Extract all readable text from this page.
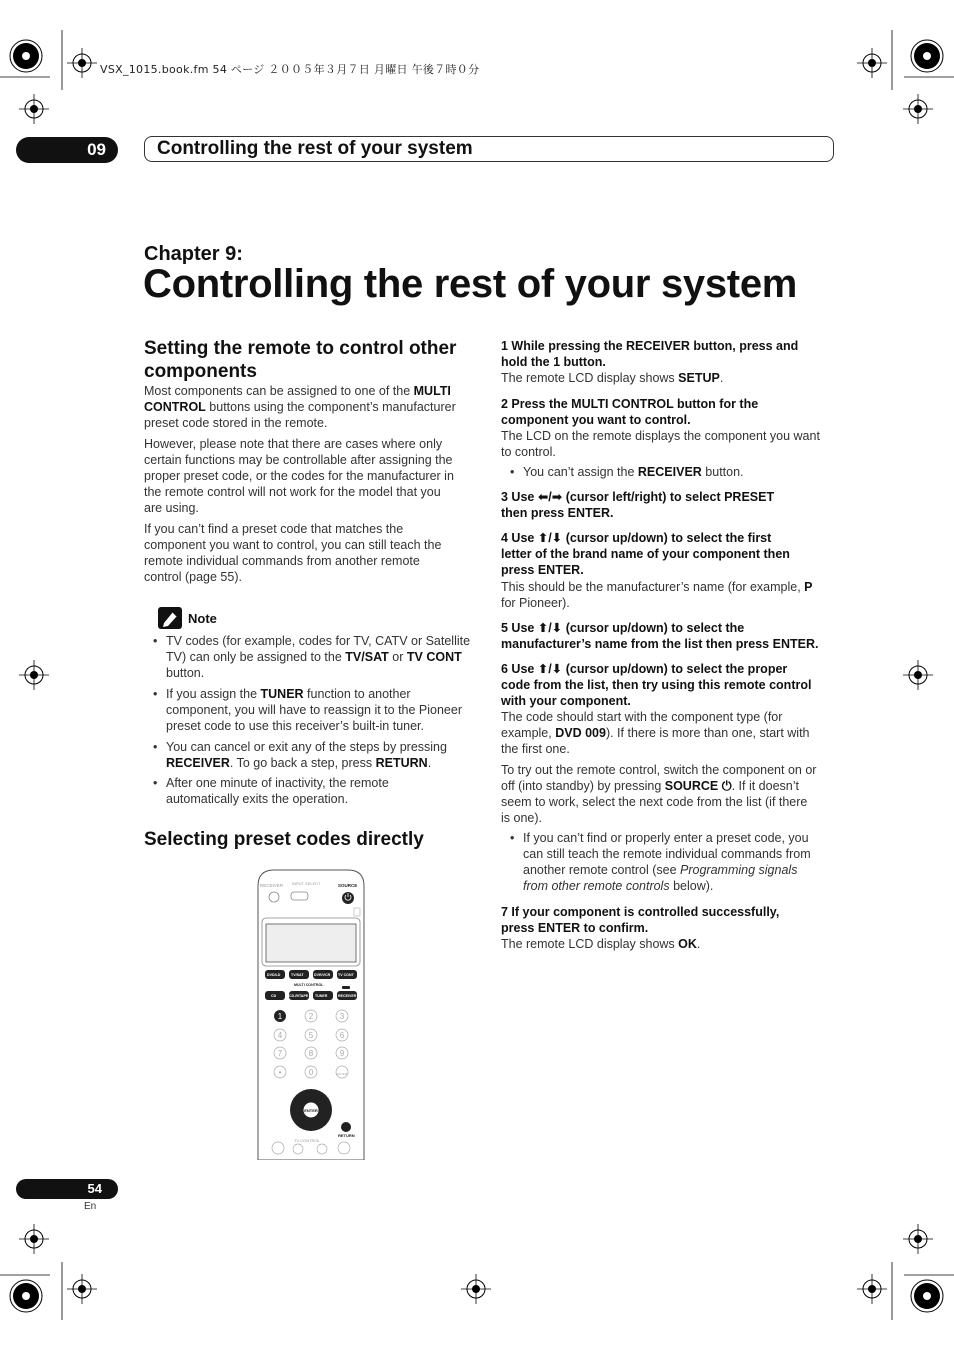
VSX_1015.book.fm 54 ページ ２００５年３月７日 月曜日 午後７時０分
09	Controlling the rest of your system
Chapter 9:
Controlling the rest of your system
Setting the remote to control other
components
Most components can be assigned to one of the MULTI
CONTROL buttons using the component’s manufacturer
preset code stored in the remote.
However, please note that there are cases where only
certain functions may be controllable after assigning the
proper preset code, or the codes for the manufacturer in
the remote control will not work for the model that you
are using.
If you can’t find a preset code that matches the
component you want to control, you can still teach the
remote individual commands from another remote
control (page 55).
Note
• TV codes (for example, codes for TV, CATV or Satellite
TV) can only be assigned to the TV/SAT or TV CONT
button.
• If you assign the TUNER function to another
component, you will have to reassign it to the Pioneer
preset code to use this receiver’s built-in tuner.
• You can cancel or exit any of the steps by pressing
RECEIVER. To go back a step, press RETURN.
• After one minute of inactivity, the remote
automatically exits the operation.
Selecting preset codes directly
RECEIVER INPUT SELECT	SOURCE
DVD/LD	TV/SAT	DVR/VCR TV CONT
MULTI CONTROL
CD	CD-R/TAPE TUNER	RECEIVER
1	2	3
4	5	6
7	8	9
•	0	ENTER
ENTER
RETURN
TV CONTROL
1 While pressing the RECEIVER button, press and
hold the 1 button.
The remote LCD display shows SETUP.
2 Press the MULTI CONTROL button for the
component you want to control.
The LCD on the remote displays the component you want
to control.
• You can’t assign the RECEIVER button.
3 Use ⬅/➡ (cursor left/right) to select PRESET
then press ENTER.
4 Use ⬆/⬇ (cursor up/down) to select the first
letter of the brand name of your component then
press ENTER.
This should be the manufacturer’s name (for example, P
for Pioneer).
5 Use ⬆/⬇ (cursor up/down) to select the
manufacturer’s name from the list then press ENTER.
6 Use ⬆/⬇ (cursor up/down) to select the proper
code from the list, then try using this remote control
with your component.
The code should start with the component type (for
example, DVD 009). If there is more than one, start with
the first one.
To try out the remote control, switch the component on or
off (into standby) by pressing SOURCE ⏻. If it doesn’t
seem to work, select the next code from the list (if there
is one).
• If you can’t find or properly enter a preset code, you
can still teach the remote individual commands from
another remote control (see Programming signals
from other remote controls below).
7 If your component is controlled successfully,
press ENTER to confirm.
The remote LCD display shows OK.
54
En
